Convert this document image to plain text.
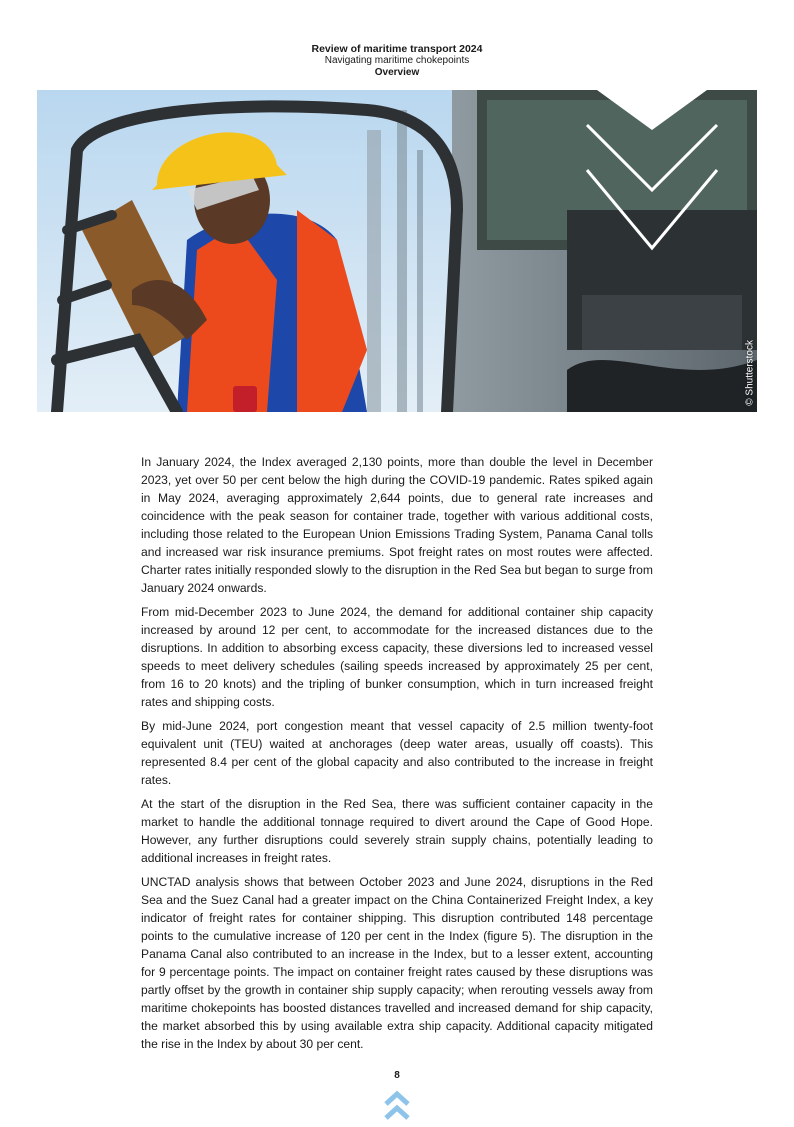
Review of maritime transport 2024
Navigating maritime chokepoints
Overview
© Shutterstock

In January 2024, the Index averaged 2,130 points, more than double the level in December 2023, yet over 50 per cent below the high during the COVID-19 pandemic. Rates spiked again in May 2024, averaging approximately 2,644 points, due to general rate increases and coincidence with the peak season for container trade, together with various additional costs, including those related to the European Union Emissions Trading System, Panama Canal tolls and increased war risk insurance premiums. Spot freight rates on most routes were affected. Charter rates initially responded slowly to the disruption in the Red Sea but began to surge from January 2024 onwards.

From mid-December 2023 to June 2024, the demand for additional container ship capacity increased by around 12 per cent, to accommodate for the increased distances due to the disruptions. In addition to absorbing excess capacity, these diversions led to increased vessel speeds to meet delivery schedules (sailing speeds increased by approximately 25 per cent, from 16 to 20 knots) and the tripling of bunker consumption, which in turn increased freight rates and shipping costs.

By mid-June 2024, port congestion meant that vessel capacity of 2.5 million twenty-foot equivalent unit (TEU) waited at anchorages (deep water areas, usually off coasts). This represented 8.4 per cent of the global capacity and also contributed to the increase in freight rates.

At the start of the disruption in the Red Sea, there was sufficient container capacity in the market to handle the additional tonnage required to divert around the Cape of Good Hope. However, any further disruptions could severely strain supply chains, potentially leading to additional increases in freight rates.

UNCTAD analysis shows that between October 2023 and June 2024, disruptions in the Red Sea and the Suez Canal had a greater impact on the China Containerized Freight Index, a key indicator of freight rates for container shipping. This disruption contributed 148 percentage points to the cumulative increase of 120 per cent in the Index (figure 5). The disruption in the Panama Canal also contributed to an increase in the Index, but to a lesser extent, accounting for 9 percentage points. The impact on container freight rates caused by these disruptions was partly offset by the growth in container ship supply capacity; when rerouting vessels away from maritime chokepoints has boosted distances travelled and increased demand for ship capacity, the market absorbed this by using available extra ship capacity. Additional capacity mitigated the rise in the Index by about 30 per cent.

8
